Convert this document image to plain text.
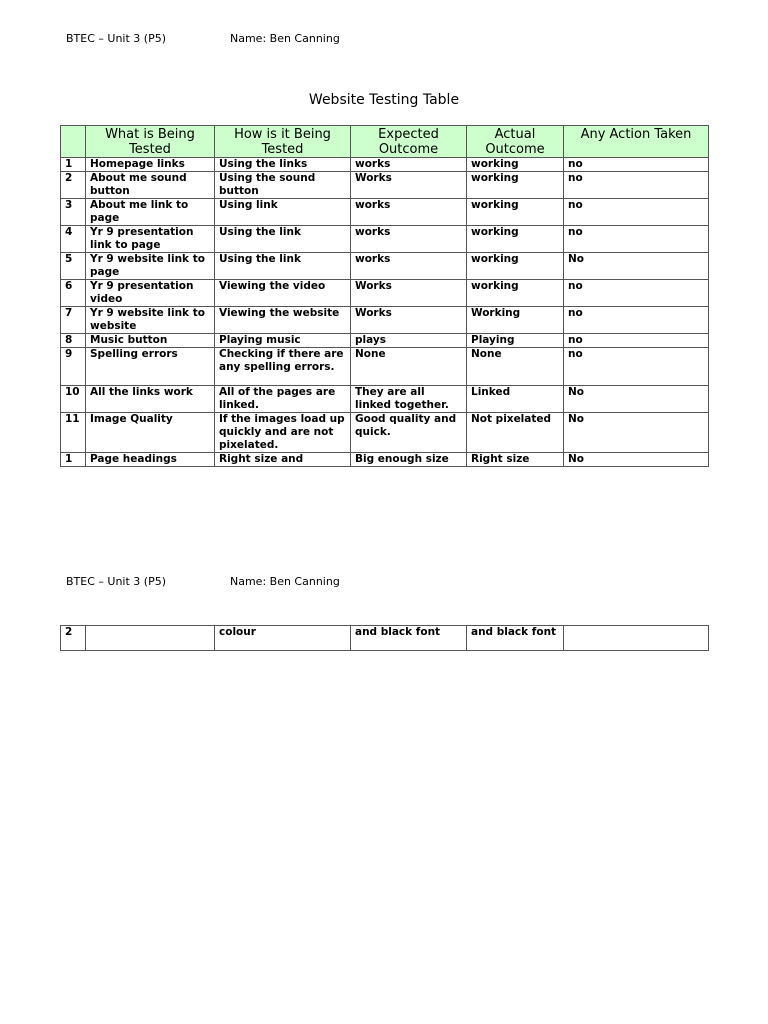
BTEC – Unit 3 (P5)	Name: Ben Canning
Website Testing Table
	What is Being Tested	How is it Being Tested	Expected Outcome	Actual Outcome	Any Action Taken
1	Homepage links	Using the links	works	working	no
2	About me sound button	Using the sound button	Works	working	no
3	About me link to page	Using link	works	working	no
4	Yr 9 presentation link to page	Using the link	works	working	no
5	Yr 9 website link to page	Using the link	works	working	No
6	Yr 9 presentation video	Viewing the video	Works	working	no
7	Yr 9 website link to website	Viewing the website	Works	Working	no
8	Music button	Playing music	plays	Playing	no
9	Spelling errors	Checking if there are any spelling errors.	None	None	no
10	All the links work	All of the pages are linked.	They are all linked together.	Linked	No
11	Image Quality	If the images load up quickly and are not pixelated.	Good quality and quick.	Not pixelated	No
1	Page headings	Right size and	Big enough size	Right size	No
BTEC – Unit 3 (P5)	Name: Ben Canning
2		colour	and black font	and black font	
